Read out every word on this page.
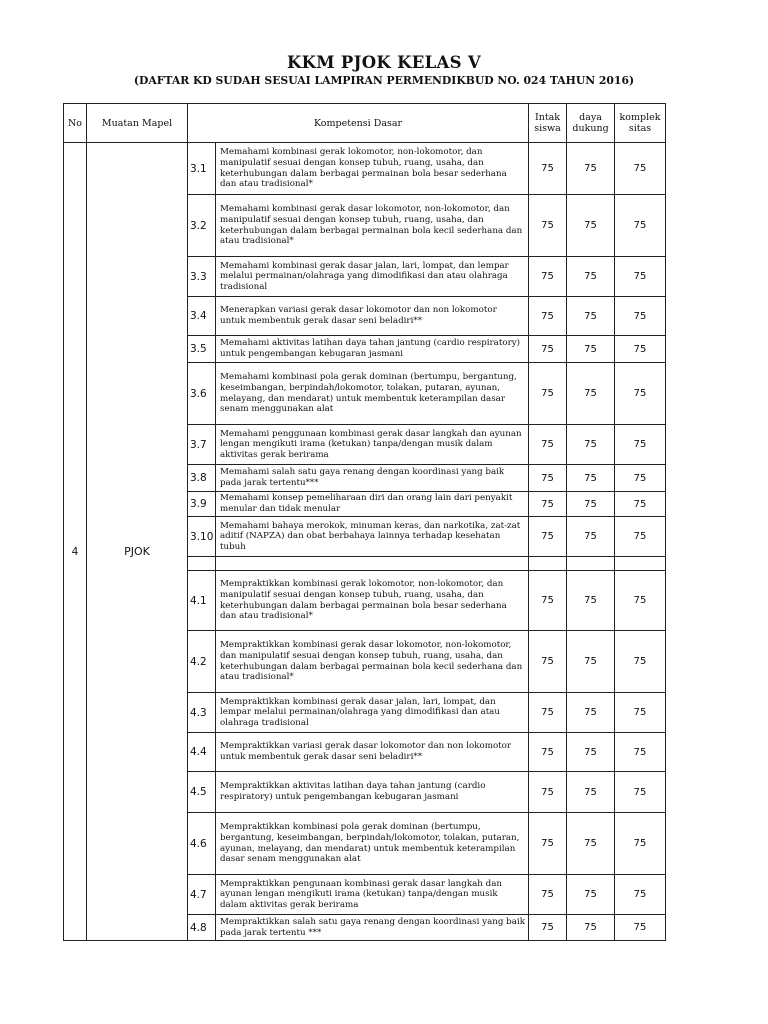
KKM PJOK KELAS V
(DAFTAR KD SUDAH SESUAI LAMPIRAN PERMENDIKBUD NO. 024 TAHUN 2016)
No	Muatan Mapel	Kompetensi Dasar		Intak siswa	daya dukung	komplek sitas
4	PJOK	3.1	Memahami kombinasi gerak lokomotor, non-lokomotor, dan manipulatif sesuai dengan konsep tubuh, ruang, usaha, dan keterhubungan dalam berbagai permainan bola besar sederhana dan atau tradisional*	75	75	75
		3.2	Memahami kombinasi gerak dasar lokomotor, non-lokomotor, dan manipulatif sesuai dengan konsep tubuh, ruang, usaha, dan keterhubungan dalam berbagai permainan bola kecil sederhana dan atau tradisional*	75	75	75
		3.3	Memahami kombinasi gerak dasar jalan, lari, lompat, dan lempar melalui permainan/olahraga yang dimodifikasi dan atau olahraga tradisional	75	75	75
		3.4	Menerapkan variasi gerak dasar lokomotor dan non lokomotor untuk membentuk gerak dasar seni beladiri**	75	75	75
		3.5	Memahami aktivitas latihan daya tahan jantung (cardio respiratory) untuk pengembangan kebugaran jasmani	75	75	75
		3.6	Memahami kombinasi pola gerak dominan (bertumpu, bergantung, keseimbangan, berpindah/lokomotor, tolakan, putaran, ayunan, melayang, dan mendarat) untuk membentuk keterampilan dasar senam menggunakan alat	75	75	75
		3.7	Memahami penggunaan kombinasi gerak dasar langkah dan ayunan lengan mengikuti irama (ketukan) tanpa/dengan musik dalam aktivitas gerak berirama	75	75	75
		3.8	Memahami salah satu gaya renang dengan koordinasi yang baik pada jarak tertentu***	75	75	75
		3.9	Memahami konsep pemeliharaan diri dan orang lain dari penyakit menular dan tidak menular	75	75	75
		3.10	Memahami bahaya merokok, minuman keras, dan narkotika, zat-zat aditif (NAPZA) dan obat berbahaya lainnya terhadap kesehatan tubuh	75	75	75

		4.1	Mempraktikkan kombinasi gerak lokomotor, non-lokomotor, dan manipulatif sesuai dengan konsep tubuh, ruang, usaha, dan keterhubungan dalam berbagai permainan bola besar sederhana dan atau tradisional*	75	75	75
		4.2	Mempraktikkan kombinasi gerak dasar lokomotor, non-lokomotor, dan manipulatif sesuai dengan konsep tubuh, ruang, usaha, dan keterhubungan dalam berbagai permainan bola kecil sederhana dan atau tradisional*	75	75	75
		4.3	Mempraktikkan kombinasi gerak dasar jalan, lari, lompat, dan lempar melalui permainan/olahraga yang dimodifikasi dan atau olahraga tradisional	75	75	75
		4.4	Mempraktikkan variasi gerak dasar lokomotor dan non lokomotor untuk membentuk gerak dasar seni beladiri**	75	75	75
		4.5	Mempraktikkan aktivitas latihan daya tahan jantung (cardio respiratory) untuk pengembangan kebugaran jasmani	75	75	75
		4.6	Mempraktikkan kombinasi pola gerak dominan (bertumpu, bergantung, keseimbangan, berpindah/lokomotor, tolakan, putaran, ayunan, melayang, dan mendarat) untuk membentuk keterampilan dasar senam menggunakan alat	75	75	75
		4.7	Mempraktikkan pengunaan kombinasi gerak dasar langkah dan ayunan lengan mengikuti irama (ketukan) tanpa/dengan musik dalam aktivitas gerak berirama	75	75	75
		4.8	Mempraktikkan salah satu gaya renang dengan koordinasi yang baik pada jarak tertentu ***	75	75	75
